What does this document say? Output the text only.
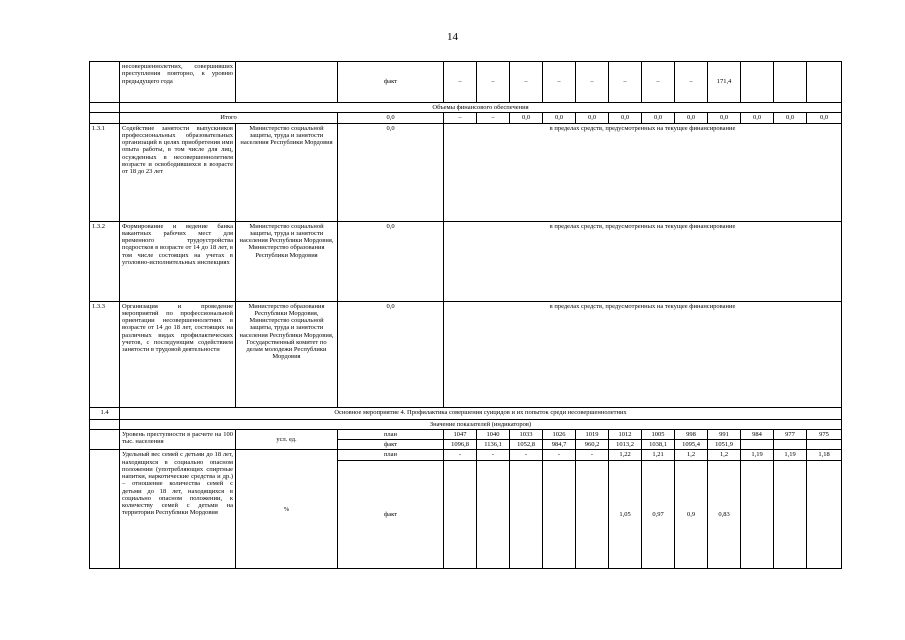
14
	несовершеннолетних, совершивших преступления повторно, к уровню предыдущего года		факт	–	–	–	–	–	–	–	–	171,4			
	Объемы финансового обеспечения														
	Итого		0,0	–	–	0,0	0,0	0,0	0,0	0,0	0,0	0,0	0,0	0,0	0,0
1.3.1	Содействие занятости выпускников профессиональных образовательных организаций в целях приобретения ими опыта работы, в том числе для лиц, осужденных в несовершеннолетнем возрасте и освободившихся в возрасте от 18 до 23 лет	Министерство социальной защиты, труда и занятости населения Республики Мордовия	0,0	в пределах средств, предусмотренных на текущее финансирование											
1.3.2	Формирование и ведение банка вакантных рабочих мест для временного трудоустройства подростков в возрасте от 14 до 18 лет, в том числе состоящих на учетах в уголовно-исполнительных инспекциях	Министерство социальной защиты, труда и занятости населения Республики Мордовия, Министерство образования Республики Мордовия	0,0	в пределах средств, предусмотренных на текущее финансирование											
1.3.3	Организация и проведение мероприятий по профессиональной ориентации несовершеннолетних в возрасте от 14 до 18 лет, состоящих на различных видах профилактических учетов, с последующим содействием занятости в трудовой деятельности	Министерство образования Республики Мордовия, Министерство социальной защиты, труда и занятости населения Республики Мордовия, Государственный комитет по делам молодежи Республики Мордовия	0,0	в пределах средств, предусмотренных на текущее финансирование											
1.4	Основное мероприятие 4. Профилактика совершения суицидов и их попыток среди несовершеннолетних														
	Значение показателей (индикаторов)														
	Уровень преступности в расчете на 100 тыс. населения	усл. ед.	план	1047	1040	1033	1026	1019	1012	1005	998	991	984	977	975
			факт	1096,8	1136,1	1052,8	984,7	960,2	1013,2	1038,1	1095,4	1051,9			
	Удельный вес семей с детьми до 18 лет, находящихся в социально опасном положении (употребляющих спиртные напитки, наркотические средства и др.) – отношение количества семей с детьми до 18 лет, находящихся в социально опасном положении, к количеству семей с детьми на территории Республики Мордовия	%	план	-	-	-	-	-	1,22	1,21	1,2	1,2	1,19	1,19	1,18
			факт						1,05	0,97	0,9	0,83			
